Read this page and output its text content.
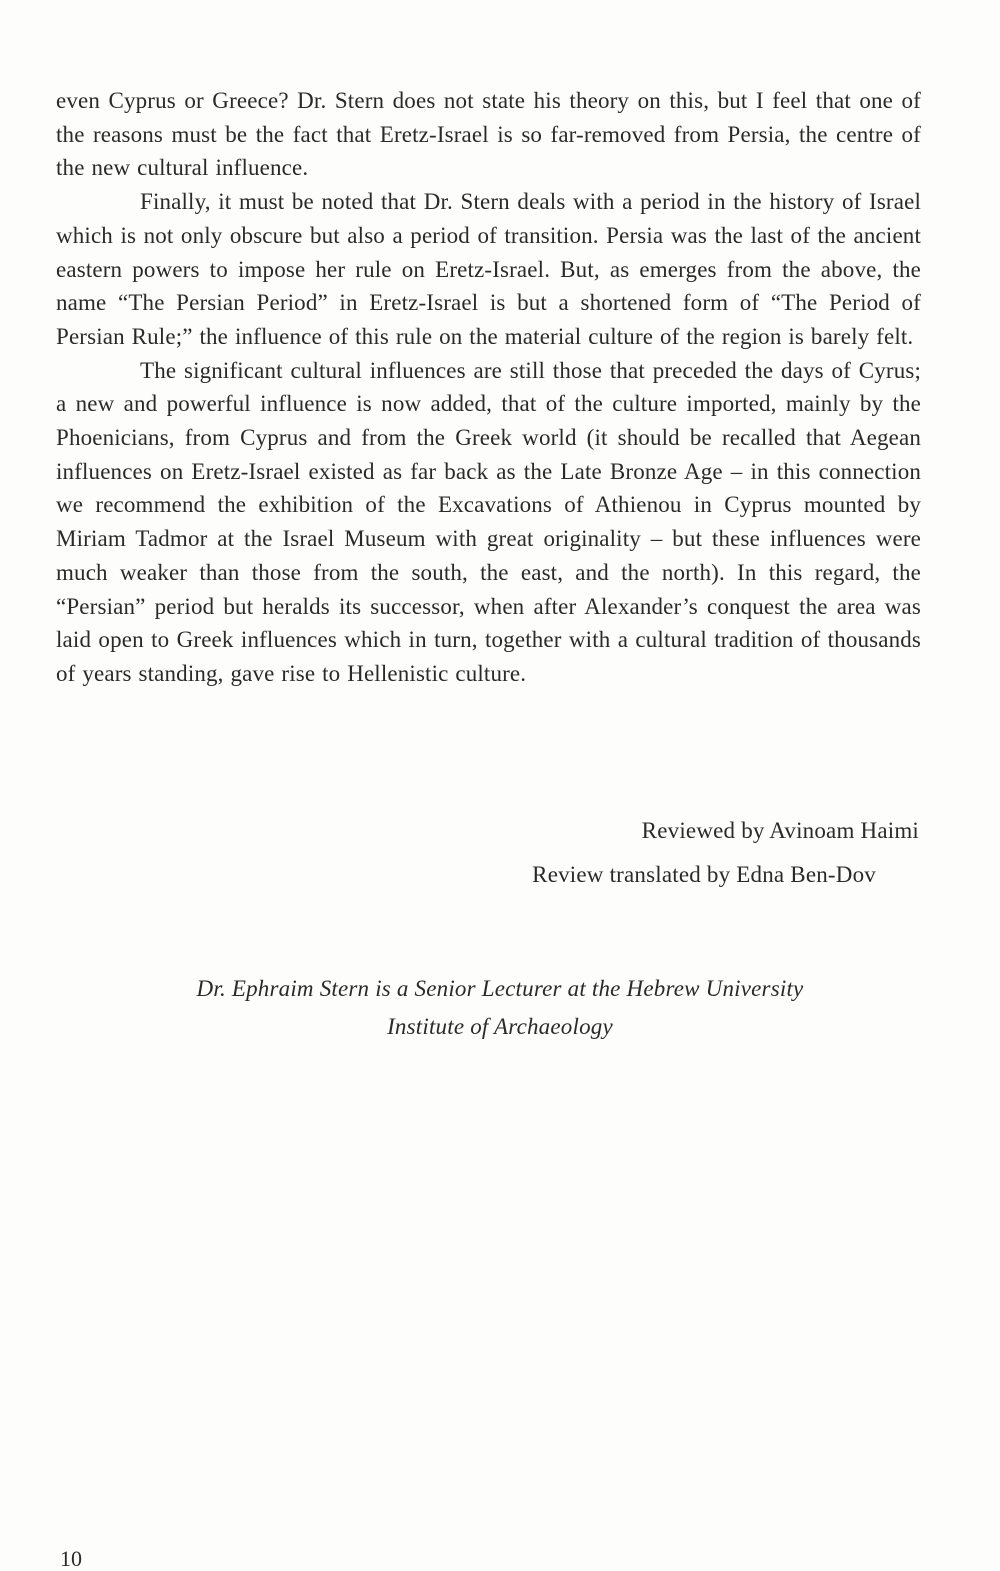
even Cyprus or Greece? Dr. Stern does not state his theory on this, but I feel that one of the reasons must be the fact that Eretz-Israel is so far-removed from Persia, the centre of the new cultural influence.

Finally, it must be noted that Dr. Stern deals with a period in the history of Israel which is not only obscure but also a period of transition. Persia was the last of the ancient eastern powers to impose her rule on Eretz-Israel. But, as emerges from the above, the name “The Persian Period” in Eretz-Israel is but a shortened form of “The Period of Persian Rule;” the influence of this rule on the material culture of the region is barely felt.

The significant cultural influences are still those that preceded the days of Cyrus; a new and powerful influence is now added, that of the culture imported, mainly by the Phoenicians, from Cyprus and from the Greek world (it should be recalled that Aegean influences on Eretz-Israel existed as far back as the Late Bronze Age – in this connection we recommend the exhibition of the Excavations of Athienou in Cyprus mounted by Miriam Tadmor at the Israel Museum with great originality – but these influences were much weaker than those from the south, the east, and the north). In this regard, the “Persian” period but heralds its successor, when after Alexander’s conquest the area was laid open to Greek influences which in turn, together with a cultural tradition of thousands of years standing, gave rise to Hellenistic culture.

Reviewed by Avinoam Haimi
Review translated by Edna Ben-Dov
Dr. Ephraim Stern is a Senior Lecturer at the Hebrew University
Institute of Archaeology
10
